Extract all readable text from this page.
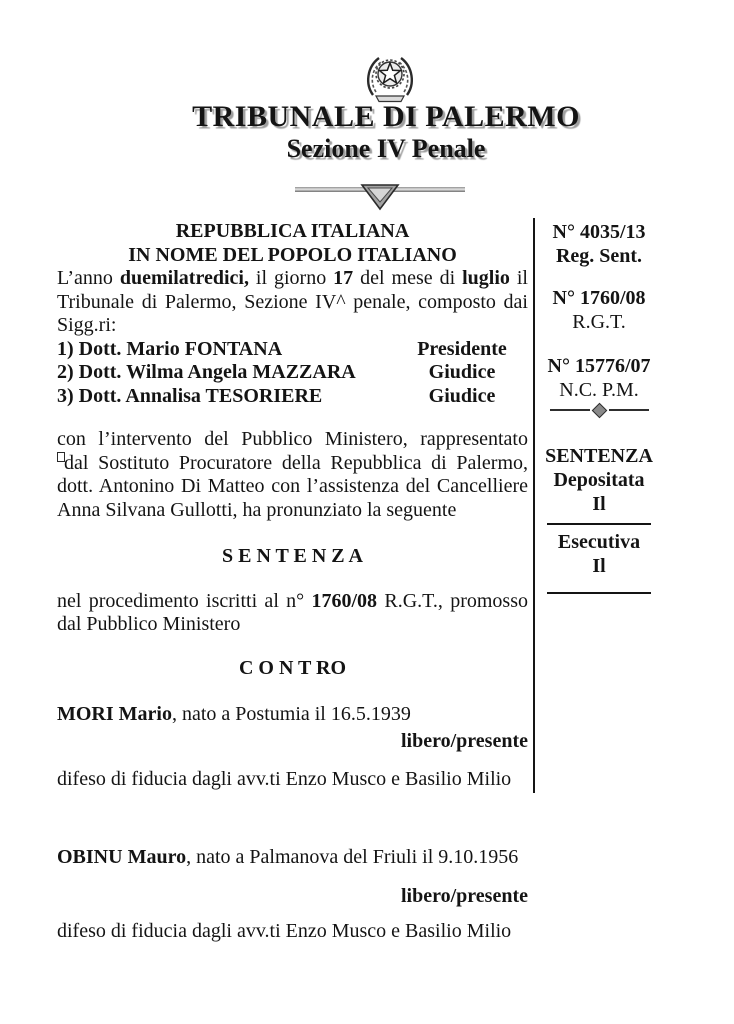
TRIBUNALE DI PALERMO
Sezione IV Penale
REPUBBLICA ITALIANA
IN NOME DEL POPOLO ITALIANO
L’anno duemilatredici, il giorno 17 del mese di luglio il
Tribunale di Palermo, Sezione IV^ penale, composto dai
Sigg.ri:
1) Dott. Mario FONTANA	Presidente
2) Dott. Wilma Angela MAZZARA	Giudice
3) Dott. Annalisa TESORIERE	Giudice
con l’intervento del Pubblico Ministero, rappresentato
dal Sostituto Procuratore della Repubblica di Palermo,
dott. Antonino Di Matteo con l’assistenza del Cancelliere
Anna Silvana Gullotti, ha pronunziato la seguente
S E N T E N Z A
nel procedimento iscritti al n° 1760/08 R.G.T., promosso
dal Pubblico Ministero
C O N T RO
MORI Mario, nato a Postumia il 16.5.1939
libero/presente
difeso di fiducia dagli avv.ti Enzo Musco e Basilio Milio
OBINU Mauro, nato a Palmanova del Friuli il 9.10.1956
libero/presente
difeso di fiducia dagli avv.ti Enzo Musco e Basilio Milio
N° 4035/13
Reg. Sent.
N° 1760/08
R.G.T.
N° 15776/07
N.C. P.M.
SENTENZA
Depositata
Il
Esecutiva
Il
